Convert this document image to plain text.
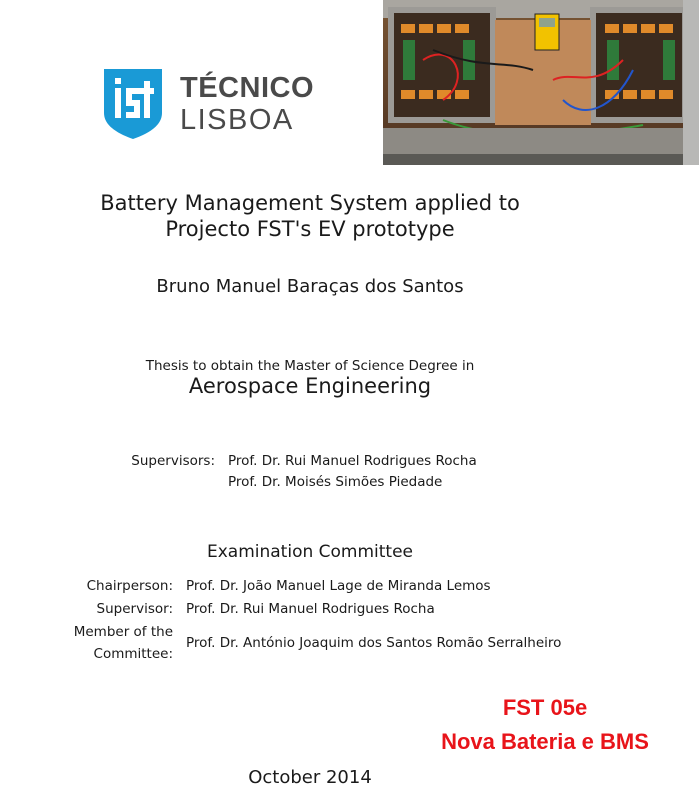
TÉCNICO
LISBOA
Battery Management System applied to
Projecto FST's EV prototype
Bruno Manuel Baraças dos Santos
Thesis to obtain the Master of Science Degree in
Aerospace Engineering
Supervisors: Prof. Dr. Rui Manuel Rodrigues Rocha
Prof. Dr. Moisés Simões Piedade
Examination Committee
Chairperson: Prof. Dr. João Manuel Lage de Miranda Lemos
Supervisor: Prof. Dr. Rui Manuel Rodrigues Rocha
Member of the
Committee:
Prof. Dr. António Joaquim dos Santos Romão Serralheiro
FST 05e
Nova Bateria e BMS
October 2014
